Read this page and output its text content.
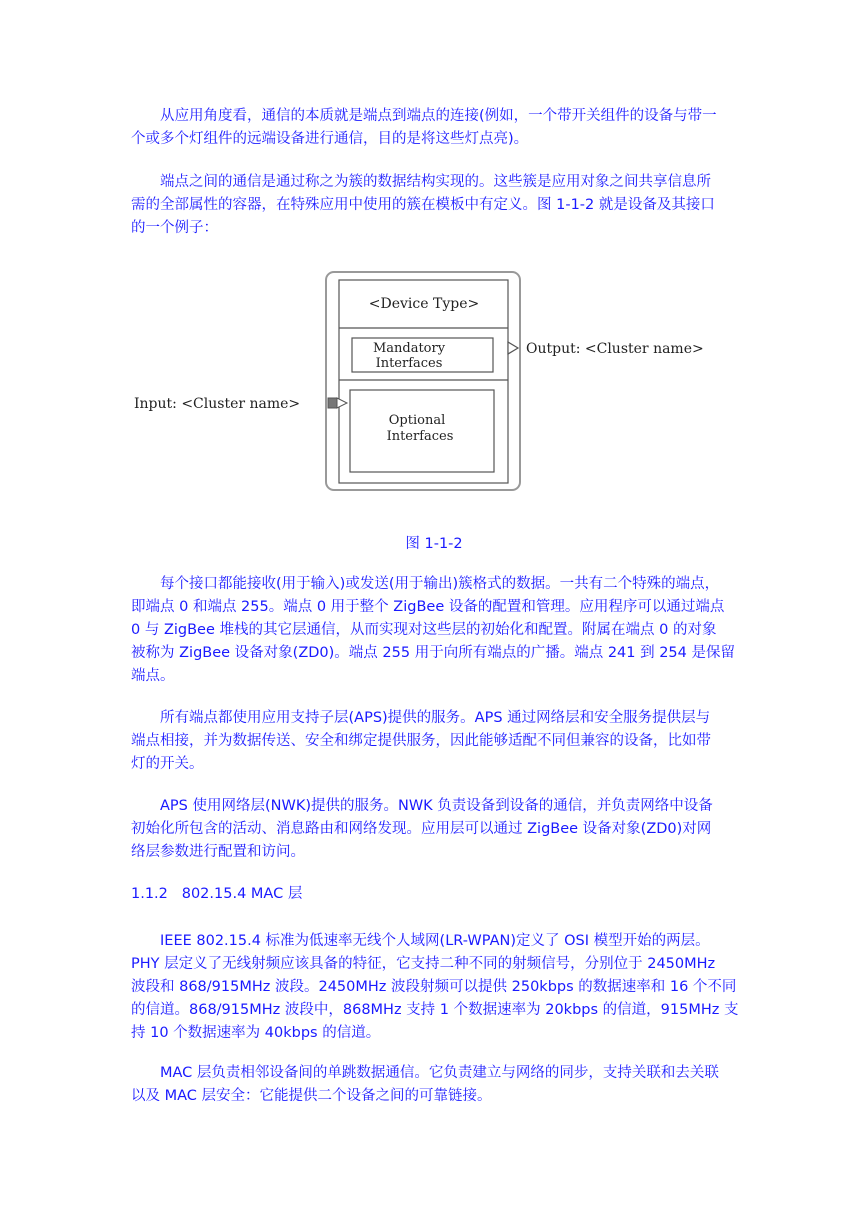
从应用角度看，通信的本质就是端点到端点的连接(例如，一个带开关组件的设备与带一
个或多个灯组件的远端设备进行通信，目的是将这些灯点亮)。
端点之间的通信是通过称之为簇的数据结构实现的。这些簇是应用对象之间共享信息所
需的全部属性的容器，在特殊应用中使用的簇在模板中有定义。图 1-1-2 就是设备及其接口
的一个例子：
<Device Type>
Mandatory
Interfaces
Optional
Interfaces
Output: <Cluster name>
Input: <Cluster name>
图 1-1-2
每个接口都能接收(用于输入)或发送(用于输出)簇格式的数据。一共有二个特殊的端点，
即端点 0 和端点 255。端点 0 用于整个 ZigBee 设备的配置和管理。应用程序可以通过端点
0 与 ZigBee 堆栈的其它层通信，从而实现对这些层的初始化和配置。附属在端点 0 的对象
被称为 ZigBee 设备对象(ZD0)。端点 255 用于向所有端点的广播。端点 241 到 254 是保留
端点。
所有端点都使用应用支持子层(APS)提供的服务。APS 通过网络层和安全服务提供层与
端点相接，并为数据传送、安全和绑定提供服务，因此能够适配不同但兼容的设备，比如带
灯的开关。
APS 使用网络层(NWK)提供的服务。NWK 负责设备到设备的通信，并负责网络中设备
初始化所包含的活动、消息路由和网络发现。应用层可以通过 ZigBee 设备对象(ZD0)对网
络层参数进行配置和访问。
1.1.2 802.15.4 MAC 层
IEEE 802.15.4 标准为低速率无线个人域网(LR-WPAN)定义了 OSI 模型开始的两层。
PHY 层定义了无线射频应该具备的特征，它支持二种不同的射频信号，分别位于 2450MHz
波段和 868/915MHz 波段。2450MHz 波段射频可以提供 250kbps 的数据速率和 16 个不同
的信道。868/915MHz 波段中，868MHz 支持 1 个数据速率为 20kbps 的信道，915MHz 支
持 10 个数据速率为 40kbps 的信道。
MAC 层负责相邻设备间的单跳数据通信。它负责建立与网络的同步，支持关联和去关联
以及 MAC 层安全：它能提供二个设备之间的可靠链接。
